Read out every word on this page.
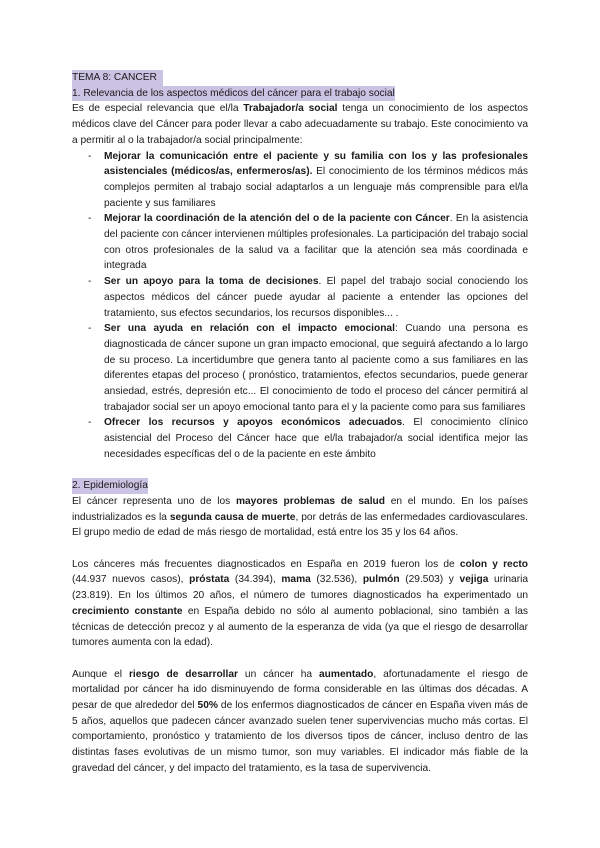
TEMA 8: CANCER
1. Relevancia de los aspectos médicos del cáncer para el trabajo social

Es de especial relevancia que el/la Trabajador/a social tenga un conocimiento de los aspectos médicos clave del Cáncer para poder llevar a cabo adecuadamente su trabajo. Este conocimiento va a permitir al o la trabajador/a social principalmente:

- Mejorar la comunicación entre el paciente y su familia con los y las profesionales asistenciales (médicos/as, enfermeros/as). El conocimiento de los términos médicos más complejos permiten al trabajo social adaptarlos a un lenguaje más comprensible para el/la paciente y sus familiares
- Mejorar la coordinación de la atención del o de la paciente con Cáncer. En la asistencia del paciente con cáncer intervienen múltiples profesionales. La participación del trabajo social con otros profesionales de la salud va a facilitar que la atención sea más coordinada e integrada
- Ser un apoyo para la toma de decisiones. El papel del trabajo social conociendo los aspectos médicos del cáncer puede ayudar al paciente a entender las opciones del tratamiento, sus efectos secundarios, los recursos disponibles... .
- Ser una ayuda en relación con el impacto emocional: Cuando una persona es diagnosticada de cáncer supone un gran impacto emocional, que seguirá afectando a lo largo de su proceso. La incertidumbre que genera tanto al paciente como a sus familiares en las diferentes etapas del proceso ( pronóstico, tratamientos, efectos secundarios, puede generar ansiedad, estrés, depresión etc... El conocimiento de todo el proceso del cáncer permitirá al trabajador social ser un apoyo emocional tanto para el y la paciente como para sus familiares
- Ofrecer los recursos y apoyos económicos adecuados. El conocimiento clínico asistencial del Proceso del Cáncer hace que el/la trabajador/a social identifica mejor las necesidades específicas del o de la paciente en este ámbito
2. Epidemiología

El cáncer representa uno de los mayores problemas de salud en el mundo. En los países industrializados es la segunda causa de muerte, por detrás de las enfermedades cardiovasculares. El grupo medio de edad de más riesgo de mortalidad, está entre los 35 y los 64 años.

Los cánceres más frecuentes diagnosticados en España en 2019 fueron los de colon y recto (44.937 nuevos casos), próstata (34.394), mama (32.536), pulmón (29.503) y vejiga urinaria (23.819). En los últimos 20 años, el número de tumores diagnosticados ha experimentado un crecimiento constante en España debido no sólo al aumento poblacional, sino también a las técnicas de detección precoz y al aumento de la esperanza de vida (ya que el riesgo de desarrollar tumores aumenta con la edad).

Aunque el riesgo de desarrollar un cáncer ha aumentado, afortunadamente el riesgo de mortalidad por cáncer ha ido disminuyendo de forma considerable en las últimas dos décadas. A pesar de que alrededor del 50% de los enfermos diagnosticados de cáncer en España viven más de 5 años, aquellos que padecen cáncer avanzado suelen tener supervivencias mucho más cortas. El comportamiento, pronóstico y tratamiento de los diversos tipos de cáncer, incluso dentro de las distintas fases evolutivas de un mismo tumor, son muy variables. El indicador más fiable de la gravedad del cáncer, y del impacto del tratamiento, es la tasa de supervivencia.
